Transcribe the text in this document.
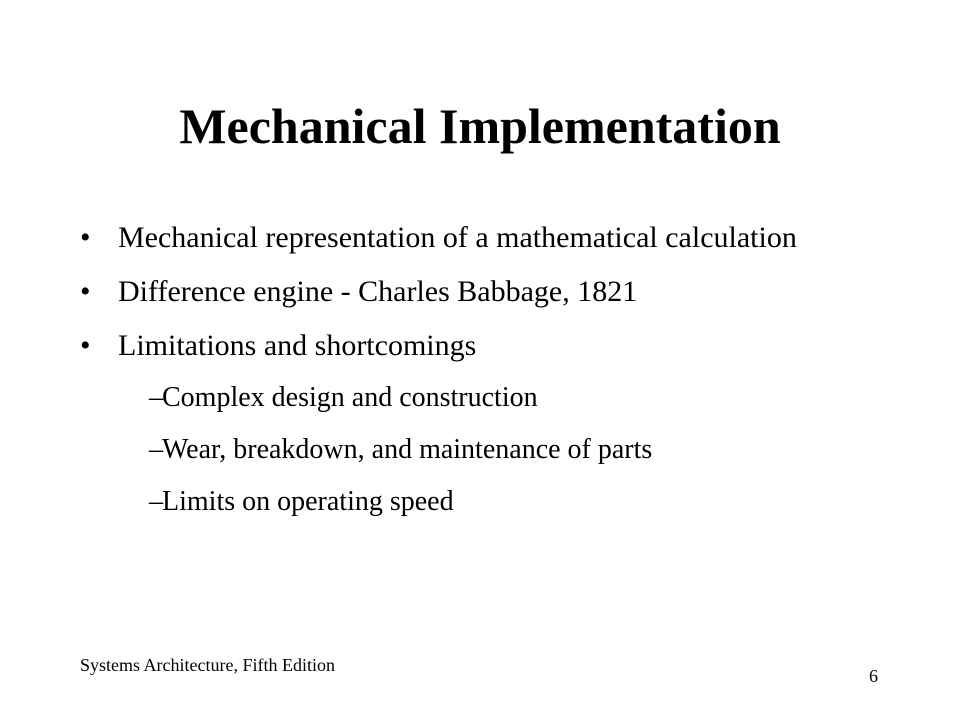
Mechanical Implementation
• Mechanical representation of a mathematical calculation
• Difference engine - Charles Babbage, 1821
• Limitations and shortcomings
– Complex design and construction
– Wear, breakdown, and maintenance of parts
– Limits on operating speed
Systems Architecture, Fifth Edition
6
